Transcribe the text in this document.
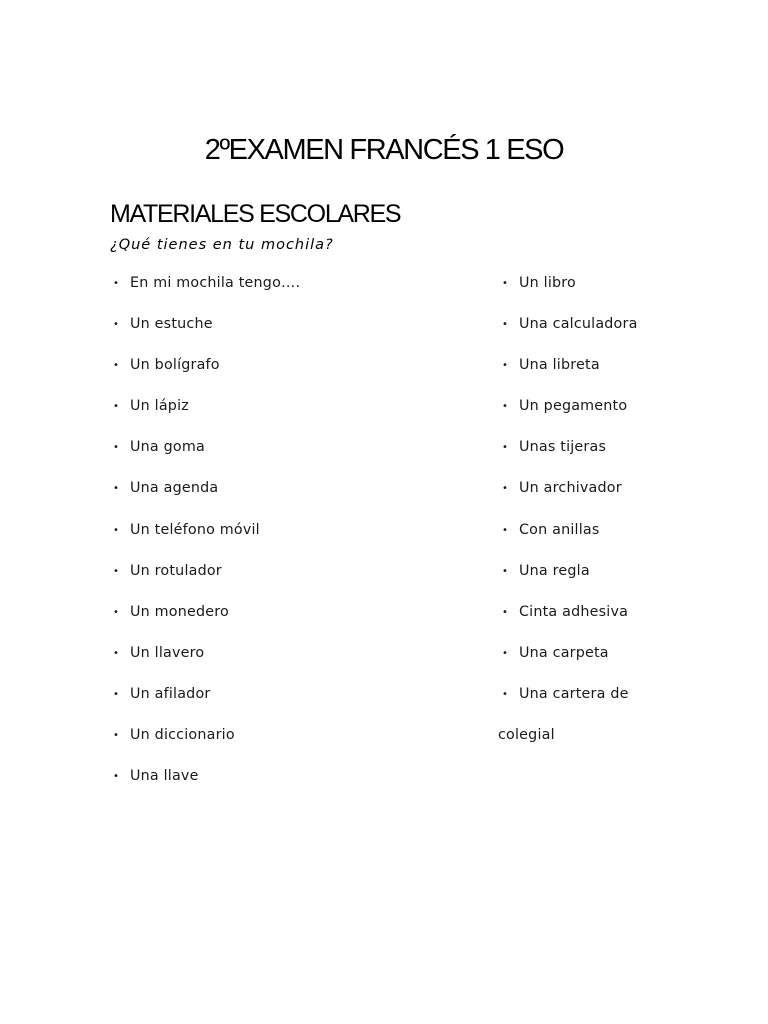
2ºEXAMEN FRANCÉS 1 ESO
MATERIALES ESCOLARES
¿Qué tienes en tu mochila?
• En mi mochila tengo….
• Un estuche
• Un bolígrafo
• Un lápiz
• Una goma
• Una agenda
• Un teléfono móvil
• Un rotulador
• Un monedero
• Un llavero
• Un afilador
• Un diccionario
• Una llave
• Un libro
• Una calculadora
• Una libreta
• Un pegamento
• Unas tijeras
• Un archivador
• Con anillas
• Una regla
• Cinta adhesiva
• Una carpeta
• Una cartera de
colegial
